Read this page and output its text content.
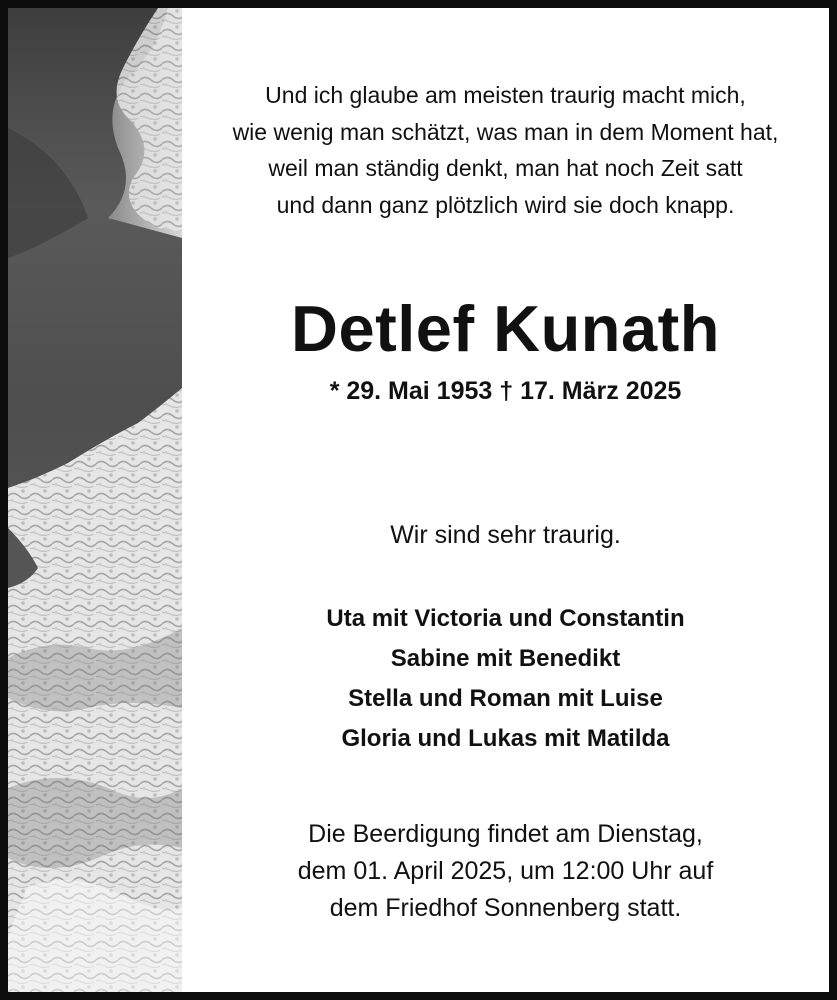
Und ich glaube am meisten traurig macht mich,
wie wenig man schätzt, was man in dem Moment hat,
weil man ständig denkt, man hat noch Zeit satt
und dann ganz plötzlich wird sie doch knapp.
Detlef Kunath
* 29. Mai 1953 † 17. März 2025
Wir sind sehr traurig.
Uta mit Victoria und Constantin
Sabine mit Benedikt
Stella und Roman mit Luise
Gloria und Lukas mit Matilda
Die Beerdigung findet am Dienstag,
dem 01. April 2025, um 12:00 Uhr auf
dem Friedhof Sonnenberg statt.
